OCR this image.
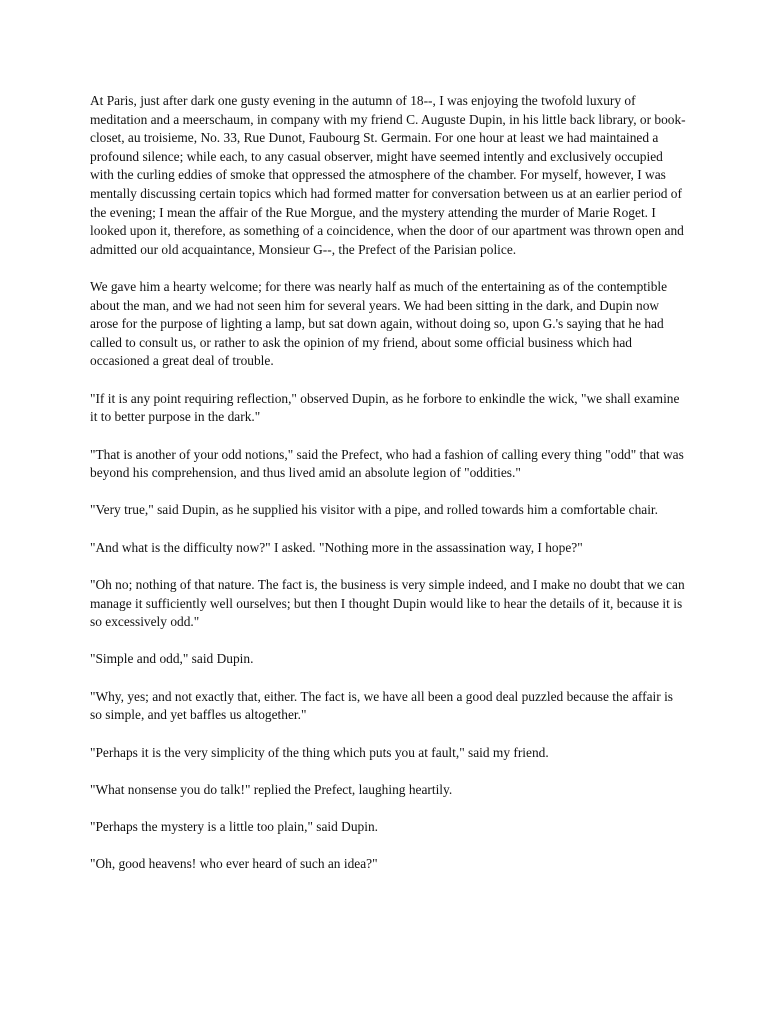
At Paris, just after dark one gusty evening in the autumn of 18--, I was enjoying the twofold luxury of meditation and a meerschaum, in company with my friend C. Auguste Dupin, in his little back library, or book-closet, au troisieme, No. 33, Rue Dunot, Faubourg St. Germain. For one hour at least we had maintained a profound silence; while each, to any casual observer, might have seemed intently and exclusively occupied with the curling eddies of smoke that oppressed the atmosphere of the chamber. For myself, however, I was mentally discussing certain topics which had formed matter for conversation between us at an earlier period of the evening; I mean the affair of the Rue Morgue, and the mystery attending the murder of Marie Roget. I looked upon it, therefore, as something of a coincidence, when the door of our apartment was thrown open and admitted our old acquaintance, Monsieur G--, the Prefect of the Parisian police.

We gave him a hearty welcome; for there was nearly half as much of the entertaining as of the contemptible about the man, and we had not seen him for several years. We had been sitting in the dark, and Dupin now arose for the purpose of lighting a lamp, but sat down again, without doing so, upon G.'s saying that he had called to consult us, or rather to ask the opinion of my friend, about some official business which had occasioned a great deal of trouble.

"If it is any point requiring reflection," observed Dupin, as he forbore to enkindle the wick, "we shall examine it to better purpose in the dark."

"That is another of your odd notions," said the Prefect, who had a fashion of calling every thing "odd" that was beyond his comprehension, and thus lived amid an absolute legion of "oddities."

"Very true," said Dupin, as he supplied his visitor with a pipe, and rolled towards him a comfortable chair.

"And what is the difficulty now?" I asked. "Nothing more in the assassination way, I hope?"

"Oh no; nothing of that nature. The fact is, the business is very simple indeed, and I make no doubt that we can manage it sufficiently well ourselves; but then I thought Dupin would like to hear the details of it, because it is so excessively odd."

"Simple and odd," said Dupin.

"Why, yes; and not exactly that, either. The fact is, we have all been a good deal puzzled because the affair is so simple, and yet baffles us altogether."

"Perhaps it is the very simplicity of the thing which puts you at fault," said my friend.

"What nonsense you do talk!" replied the Prefect, laughing heartily.

"Perhaps the mystery is a little too plain," said Dupin.

"Oh, good heavens! who ever heard of such an idea?"
